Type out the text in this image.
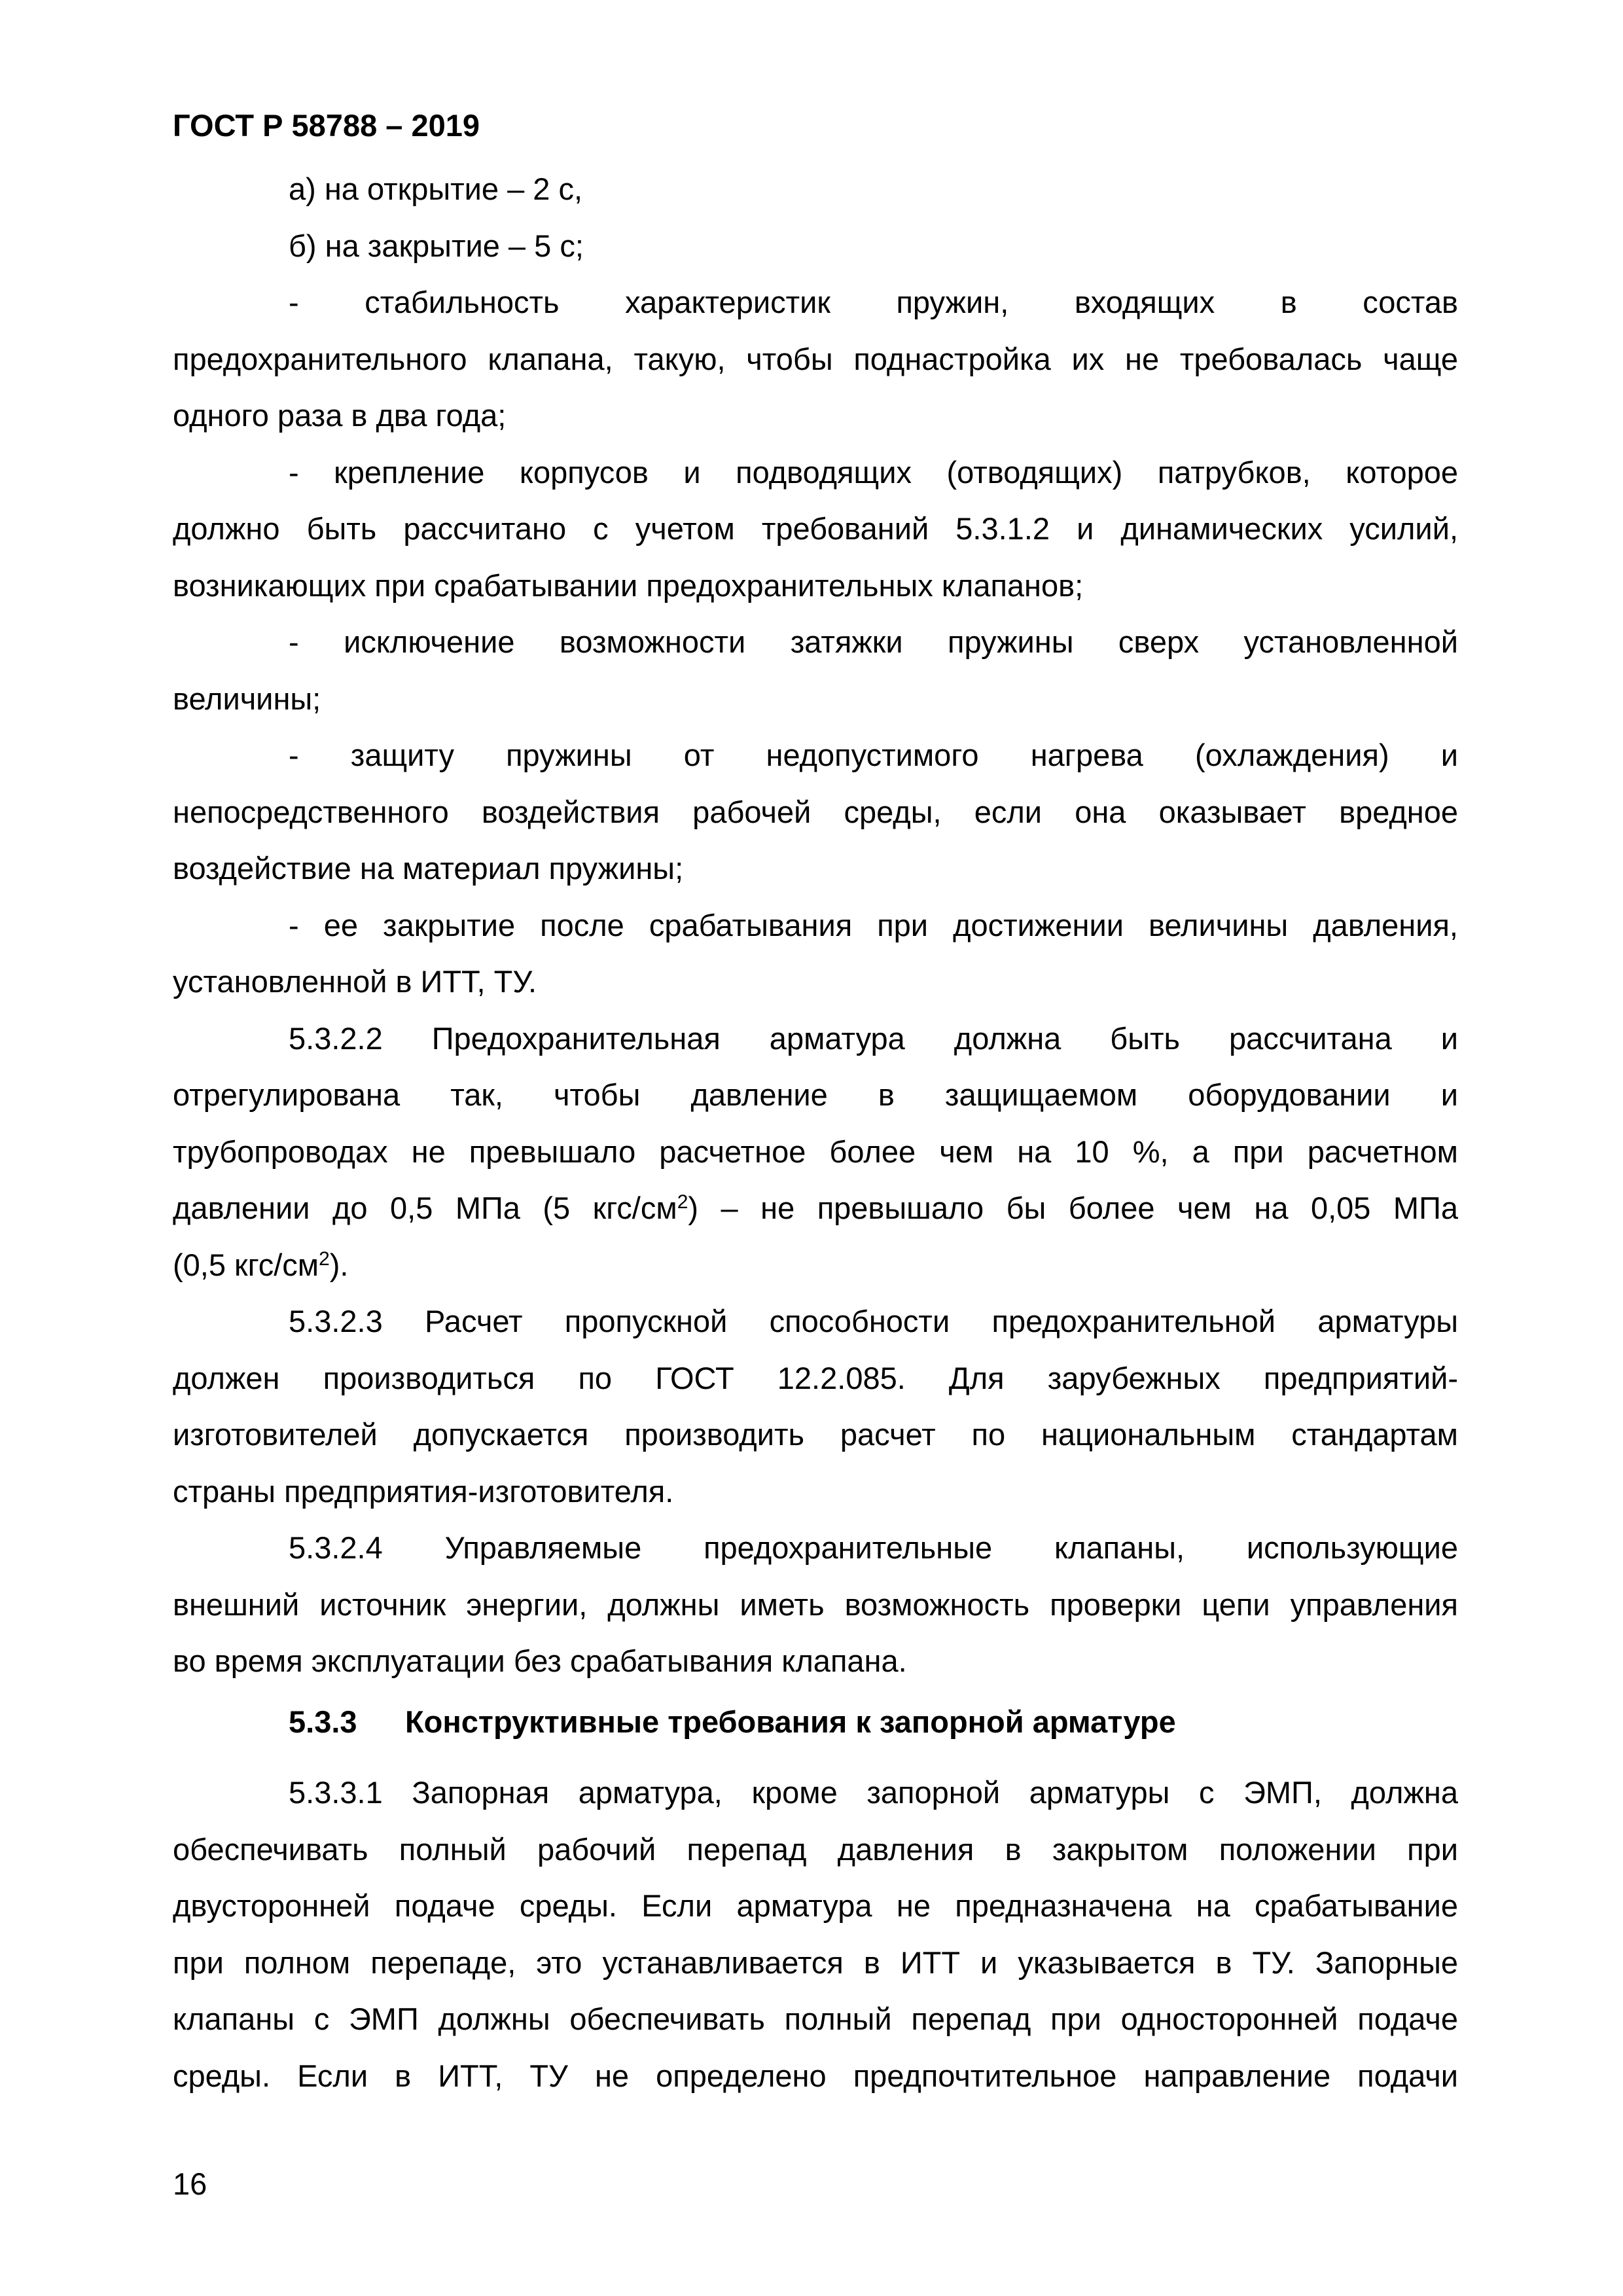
ГОСТ Р 58788 – 2019
а) на открытие – 2 с,
б) на закрытие – 5 с;
- стабильность характеристик пружин, входящих в состав
предохранительного клапана, такую, чтобы поднастройка их не требовалась чаще
одного раза в два года;
- крепление корпусов и подводящих (отводящих) патрубков, которое
должно быть рассчитано с учетом требований 5.3.1.2 и динамических усилий,
возникающих при срабатывании предохранительных клапанов;
- исключение возможности затяжки пружины сверх установленной
величины;
- защиту пружины от недопустимого нагрева (охлаждения) и
непосредственного воздействия рабочей среды, если она оказывает вредное
воздействие на материал пружины;
- ее закрытие после срабатывания при достижении величины давления,
установленной в ИТТ, ТУ.
5.3.2.2 Предохранительная арматура должна быть рассчитана и
отрегулирована так, чтобы давление в защищаемом оборудовании и
трубопроводах не превышало расчетное более чем на 10 %, а при расчетном
давлении до 0,5 МПа (5 кгс/$см^2$) – не превышало бы более чем на 0,05 МПа
(0,5 кгс/$см^2$).
5.3.2.3 Расчет пропускной способности предохранительной арматуры
должен производиться по ГОСТ 12.2.085. Для зарубежных предприятий-
изготовителей допускается производить расчет по национальным стандартам
страны предприятия-изготовителя.
5.3.2.4 Управляемые предохранительные клапаны, использующие
внешний источник энергии, должны иметь возможность проверки цепи управления
во время эксплуатации без срабатывания клапана.
5.3.3 Конструктивные требования к запорной арматуре
5.3.3.1 Запорная арматура, кроме запорной арматуры с ЭМП, должна
обеспечивать полный рабочий перепад давления в закрытом положении при
двусторонней подаче среды. Если арматура не предназначена на срабатывание
при полном перепаде, это устанавливается в ИТТ и указывается в ТУ. Запорные
клапаны с ЭМП должны обеспечивать полный перепад при односторонней подаче
среды. Если в ИТТ, ТУ не определено предпочтительное направление подачи
16
